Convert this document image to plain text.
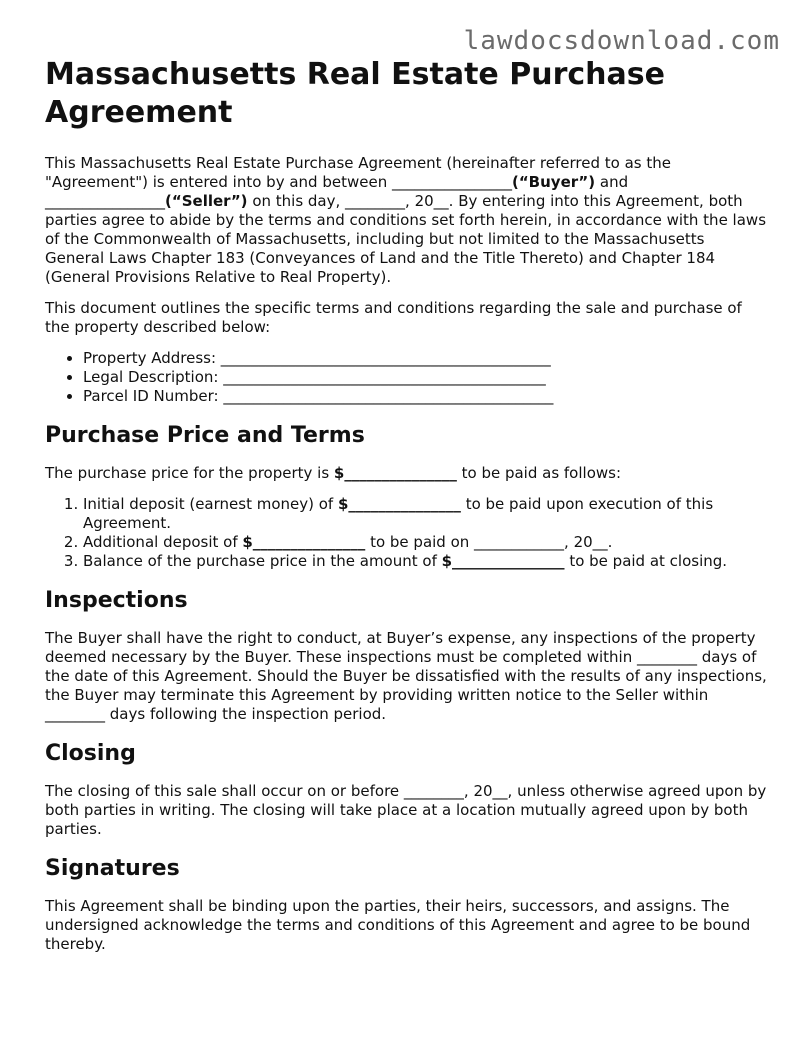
lawdocsdownload.com
Massachusetts Real Estate Purchase Agreement

This Massachusetts Real Estate Purchase Agreement (hereinafter referred to as the "Agreement") is entered into by and between ________________(“Buyer”) and ________________(“Seller”) on this day, ________, 20__. By entering into this Agreement, both parties agree to abide by the terms and conditions set forth herein, in accordance with the laws of the Commonwealth of Massachusetts, including but not limited to the Massachusetts General Laws Chapter 183 (Conveyances of Land and the Title Thereto) and Chapter 184 (General Provisions Relative to Real Property).

This document outlines the specific terms and conditions regarding the sale and purchase of the property described below:

• Property Address: ____________________________________________
• Legal Description: ___________________________________________
• Parcel ID Number: ____________________________________________
Purchase Price and Terms

The purchase price for the property is $_______________ to be paid as follows:

1. Initial deposit (earnest money) of $_______________ to be paid upon execution of this Agreement.
2. Additional deposit of $_______________ to be paid on ____________, 20__.
3. Balance of the purchase price in the amount of $_______________ to be paid at closing.
Inspections

The Buyer shall have the right to conduct, at Buyer’s expense, any inspections of the property deemed necessary by the Buyer. These inspections must be completed within ________ days of the date of this Agreement. Should the Buyer be dissatisfied with the results of any inspections, the Buyer may terminate this Agreement by providing written notice to the Seller within ________ days following the inspection period.

Closing

The closing of this sale shall occur on or before ________, 20__, unless otherwise agreed upon by both parties in writing. The closing will take place at a location mutually agreed upon by both parties.

Signatures

This Agreement shall be binding upon the parties, their heirs, successors, and assigns. The undersigned acknowledge the terms and conditions of this Agreement and agree to be bound thereby.
